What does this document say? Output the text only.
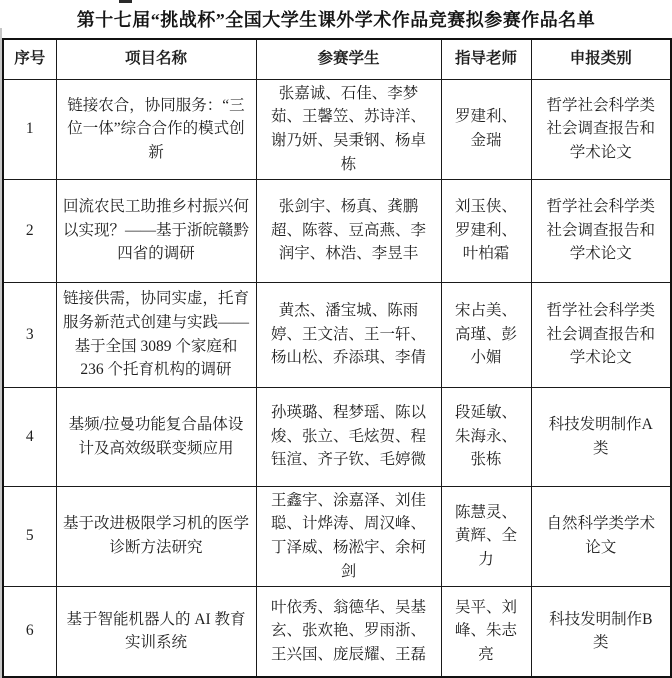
第十七届“挑战杯”全国大学生课外学术作品竞赛拟参赛作品名单
序号	项目名称	参赛学生	指导老师	申报类别
1	链接农合，协同服务：“三位一体”综合合作的模式创新	张嘉诚、石佳、李梦茹、王馨笠、苏诗洋、谢乃妍、吴秉钢、杨卓栋	罗建利、金瑞	哲学社会科学类社会调查报告和学术论文
2	回流农民工助推乡村振兴何以实现？——基于浙皖赣黔四省的调研	张剑宇、杨真、龚鹏超、陈蓉、豆高燕、李润宇、林浩、李昱丰	刘玉侠、罗建利、叶柏霜	哲学社会科学类社会调查报告和学术论文
3	链接供需，协同实虚，托育服务新范式创建与实践——基于全国 3089 个家庭和 236 个托育机构的调研	黄杰、潘宝城、陈雨婷、王文洁、王一轩、杨山松、乔添琪、李倩	宋占美、高瑾、彭小媚	哲学社会科学类社会调查报告和学术论文
4	基频/拉曼功能复合晶体设计及高效级联变频应用	孙瑛璐、程梦瑶、陈以焌、张立、毛炫贺、程钰渲、齐子钦、毛婷微	段延敏、朱海永、张栋	科技发明制作A类
5	基于改进极限学习机的医学诊断方法研究	王鑫宇、涂嘉泽、刘佳聪、计烨涛、周汉峰、丁泽威、杨淞宇、余柯剑	陈慧灵、黄辉、全力	自然科学类学术论文
6	基于智能机器人的 AI 教育实训系统	叶依秀、翁德华、吴基玄、张欢艳、罗雨浙、王兴国、庞辰耀、王磊	吴平、刘峰、朱志亮	科技发明制作B类
